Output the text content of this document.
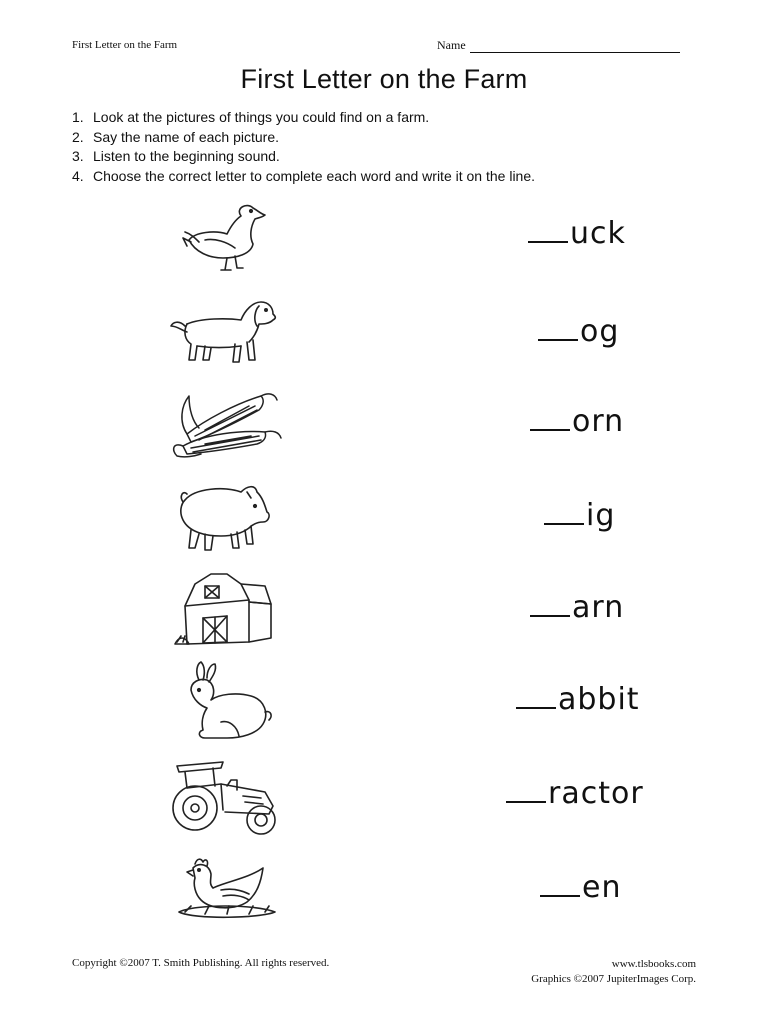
First Letter on the Farm	Name
First Letter on the Farm
1. Look at the pictures of things you could find on a farm.
2. Say the name of each picture.
3. Listen to the beginning sound.
4. Choose the correct letter to complete each word and write it on the line.
uck
og
orn
ig
arn
abbit
ractor
en
Copyright ©2007 T. Smith Publishing. All rights reserved.	www.tlsbooks.com
Graphics ©2007 JupiterImages Corp.
